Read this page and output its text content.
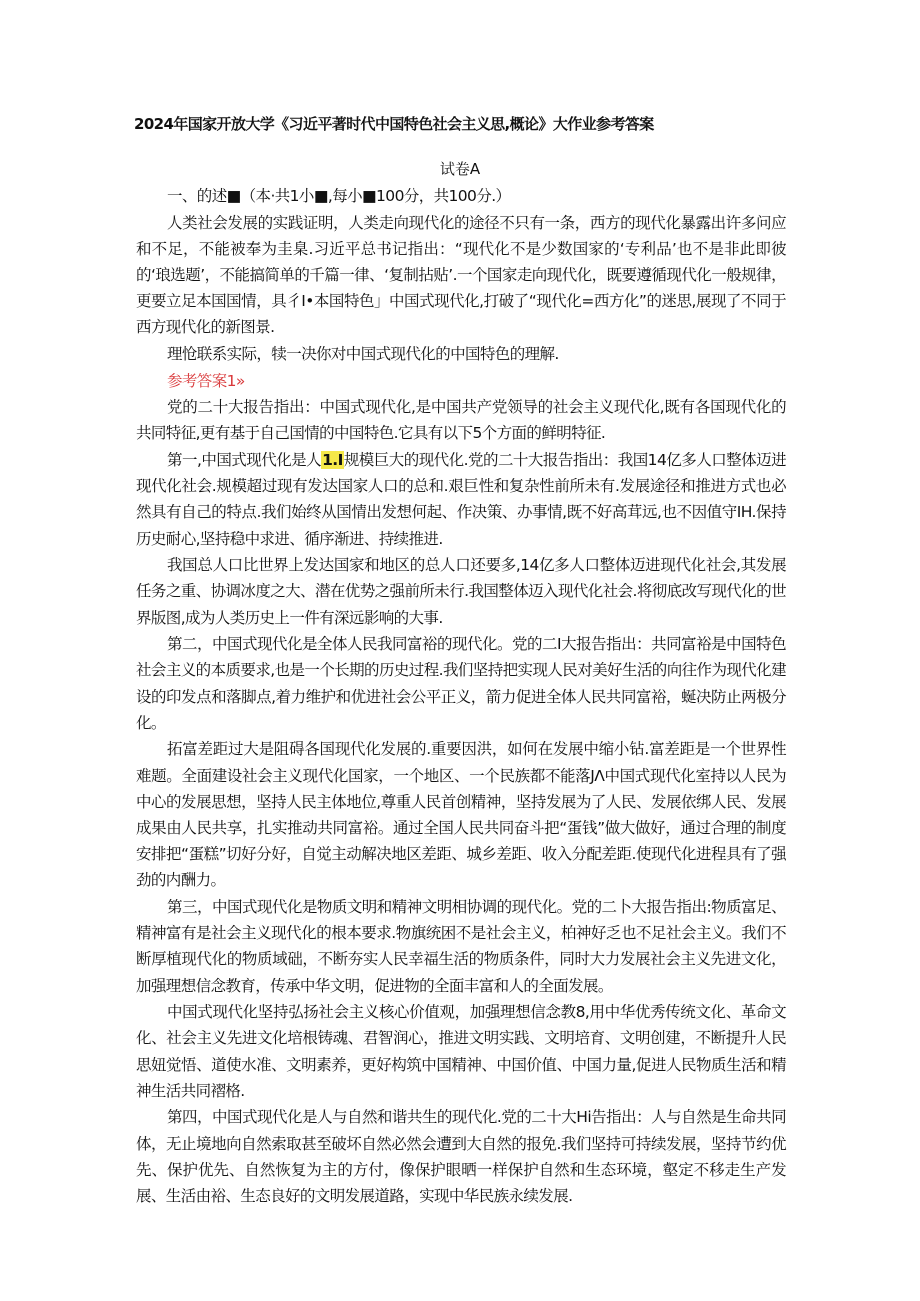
2024年国家开放大学《习近平著时代中国特色社会主义思,概论》大作业参考答案
试卷A

一、的述■（本·共1小■,每小■100分，共100分.）

人类社会发展的实践证明，人类走向现代化的途径不只有一条，西方的现代化暴露出许多问应和不足，不能被奉为圭臬.习近平总书记指出：“现代化不是少数国家的‘专利品’也不是非此即彼的‘琅选题’，不能搞简单的千篇一律、‘复制拈贴’.一个国家走向现代化，既要遵循现代化一般规律，更要立足本国国情，具彳I•本国特色」中国式现代化,打破了“现代化=西方化”的迷思,展现了不同于西方现代化的新图景.

理怆联系实际，犊一决你对中国式现代化的中国特色的理解.

参考答案1»

党的二十大报告指出：中国式现代化,是中国共产党领导的社会主义现代化,既有各国现代化的共同特征,更有基于自己国情的中国特色.它具有以下5个方面的鲜明特征.

第一,中国式现代化是人1.I规模巨大的现代化.党的二十大报告指出：我国14亿多人口整体迈进现代化社会.规模超过现有发达国家人口的总和.艰巨性和复杂性前所未有.发展途径和推进方式也必然具有自己的特点.我们始终从国情出发想何起、作决策、办事情,既不好高茸远,也不因值守IH.保持历史耐心,坚持稳中求进、循序渐进、持续推进.

我国总人口比世界上发达国家和地区的总人口还要多,14亿多人口整体迈进现代化社会,其发展任务之重、协调冰度之大、潜在优势之强前所未行.我国整体迈入现代化社会.将彻底改写现代化的世界版图,成为人类历史上一件有深远影响的大事.

第二，中国式现代化是全体人民我同富裕的现代化。党的二I大报告指出：共同富裕是中国特色社会主义的本质要求,也是一个长期的历史过程.我们坚持把实现人民对美好生活的向往作为现代化建设的印发点和落脚点,着力维护和优进社会公平正义，箭力促进全体人民共同富裕，蜒决防止两极分化。

拓富差距过大是阻碍各国现代化发展的.重要因洪，如何在发展中缩小钻.富差距是一个世界性难题。全面建设社会主义现代化国家，一个地区、一个民族都不能落JΛ中国式现代化室持以人民为中心的发展思想，坚持人民主体地位,尊重人民首创精神，坚持发展为了人民、发展依绑人民、发展成果由人民共享，扎实推动共同富裕。通过全国人民共同奋斗把“蛋钱”做大做好，通过合理的制度安排把“蛋糕”切好分好，自觉主动解决地区差距、城乡差距、收入分配差距.使现代化进程具有了强劲的内酬力。

第三，中国式现代化是物质文明和精神文明相协调的现代化。党的二卜大报告指出:物质富足、精神富有是社会主义现代化的根本要求.物旗统困不是社会主义，柏神好乏也不足社会主义。我们不断厚植现代化的物质域础，不断夯实人民幸福生活的物质条件，同时大力发展社会主义先进文化，加强理想信念教育，传承中华文明，促进物的全面丰富和人的全面发展。

中国式现代化坚持弘扬社会主义核心价值观，加强理想信念教8,用中华优秀传统文化、革命文化、社会主义先进文化培根铸魂、君智润心，推进文明实践、文明培育、文明创建，不断提升人民思妞觉悟、道使水准、文明素养，更好构筑中国精神、中国价值、中国力量,促进人民物质生活和精神生活共同褶格.

第四，中国式现代化是人与自然和谐共生的现代化.党的二十大Hi告指出：人与自然是生命共同体，无止境地向自然索取甚至破坏自然必然会遭到大自然的报免.我们坚持可持续发展，坚持节约优先、保护优先、自然恢复为主的方付，像保护眼晒一样保护自然和生态环境，壑定不移走生产发展、生活由裕、生态良好的文明发展道路，实现中华民族永续发展.
